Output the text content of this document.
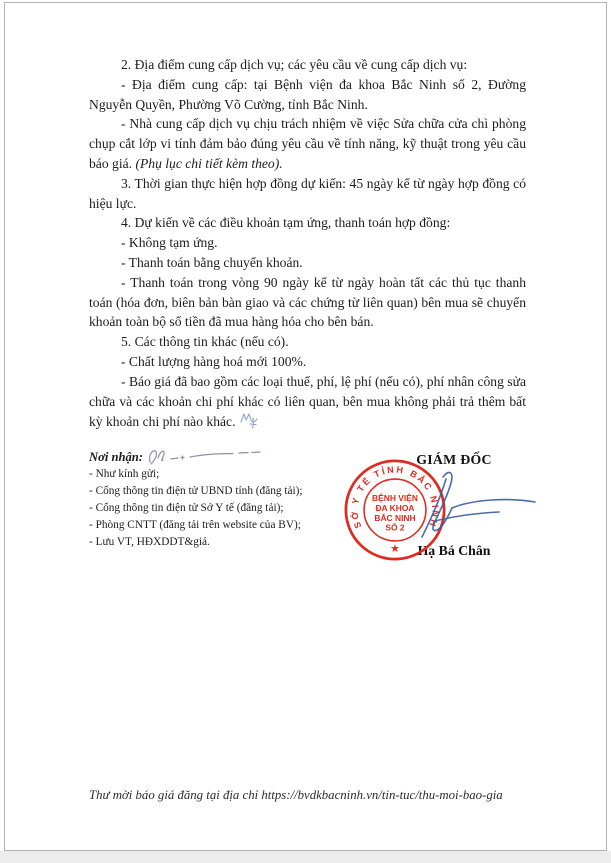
2. Địa điểm cung cấp dịch vụ; các yêu cầu về cung cấp dịch vụ:

- Địa điểm cung cấp: tại Bệnh viện đa khoa Bắc Ninh số 2, Đường Nguyễn Quyền, Phường Võ Cường, tỉnh Bắc Ninh.

- Nhà cung cấp dịch vụ chịu trách nhiệm về việc Sửa chữa cửa chì phòng chụp cắt lớp vi tính đảm bảo đúng yêu cầu về tính năng, kỹ thuật trong yêu cầu báo giá. (Phụ lục chi tiết kèm theo).

3. Thời gian thực hiện hợp đồng dự kiến: 45 ngày kể từ ngày hợp đồng có hiệu lực.

4. Dự kiến về các điều khoản tạm ứng, thanh toán hợp đồng:

- Không tạm ứng.

- Thanh toán bằng chuyển khoản.

- Thanh toán trong vòng 90 ngày kể từ ngày hoàn tất các thủ tục thanh toán (hóa đơn, biên bản bàn giao và các chứng từ liên quan) bên mua sẽ chuyển khoản toàn bộ số tiền đã mua hàng hóa cho bên bán.

5. Các thông tin khác (nếu có).

- Chất lượng hàng hoá mới 100%.

- Báo giá đã bao gồm các loại thuế, phí, lệ phí (nếu có), phí nhân công sửa chữa và các khoản chi phí khác có liên quan, bên mua không phải trả thêm bất kỳ khoản chi phí nào khác.

Nơi nhận:
- Như kính gửi;
- Cổng thông tin điện tử UBND tỉnh (đăng tải);
- Cổng thông tin điện tử Sở Y tế (đăng tải);
- Phòng CNTT (đăng tải trên website của BV);
- Lưu VT, HĐXDDT&giá.
GIÁM ĐỐC
Hạ Bá Chân
SỞ Y TẾ TỈNH BẮC NINH
BỆNH VIỆN
ĐA KHOA
BẮC NINH
SỐ 2
★
Thư mời báo giá đăng tại địa chỉ https://bvdkbacninh.vn/tin-tuc/thu-moi-bao-gia
